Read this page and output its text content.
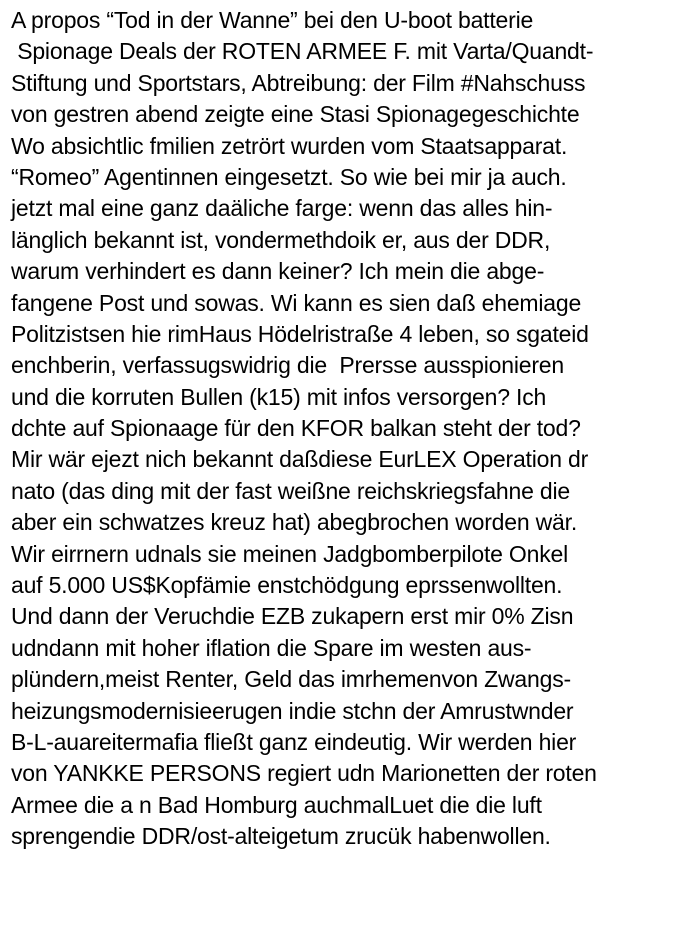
A propos “Tod in der Wanne” bei den U-boot batterie
Spionage Deals der ROTEN ARMEE F. mit Varta/Quandt-
Stiftung und Sportstars, Abtreibung: der Film #Nahschuss
von gestren abend zeigte eine Stasi Spionagegeschichte
Wo absichtlic fmilien zetrört wurden vom Staatsapparat.
“Romeo” Agentinnen eingesetzt. So wie bei mir ja auch.
jetzt mal eine ganz daäliche farge: wenn das alles hin-
länglich bekannt ist, vondermethdoik er, aus der DDR,
warum verhindert es dann keiner? Ich mein die abge-
fangene Post und sowas. Wi kann es sien daß ehemiage
Politzistsen hie rimHaus Hödelristraße 4 leben, so sgateid
enchberin, verfassugswidrig die  Prersse ausspionieren
und die korruten Bullen (k15) mit infos versorgen? Ich
dchte auf Spionaage für den KFOR balkan steht der tod?
Mir wär ejezt nich bekannt daßdiese EurLEX Operation dr
nato (das ding mit der fast weißne reichskriegsfahne die
aber ein schwatzes kreuz hat) abegbrochen worden wär.
Wir eirrnern udnals sie meinen Jadgbomberpilote Onkel
auf 5.000 US$Kopfämie enstchödgung eprssenwollten.
Und dann der Veruchdie EZB zukapern erst mir 0% Zisn
udndann mit hoher iflation die Spare im westen aus-
plündern,meist Renter, Geld das imrhemenvon Zwangs-
heizungsmodernisieerugen indie stchn der Amrustwnder
B-L-auareitermafia fließt ganz eindeutig. Wir werden hier
von YANKKE PERSONS regiert udn Marionetten der roten
Armee die a n Bad Homburg auchmalLuet die die luft
sprengendie DDR/ost-alteigetum zrucük habenwollen.
